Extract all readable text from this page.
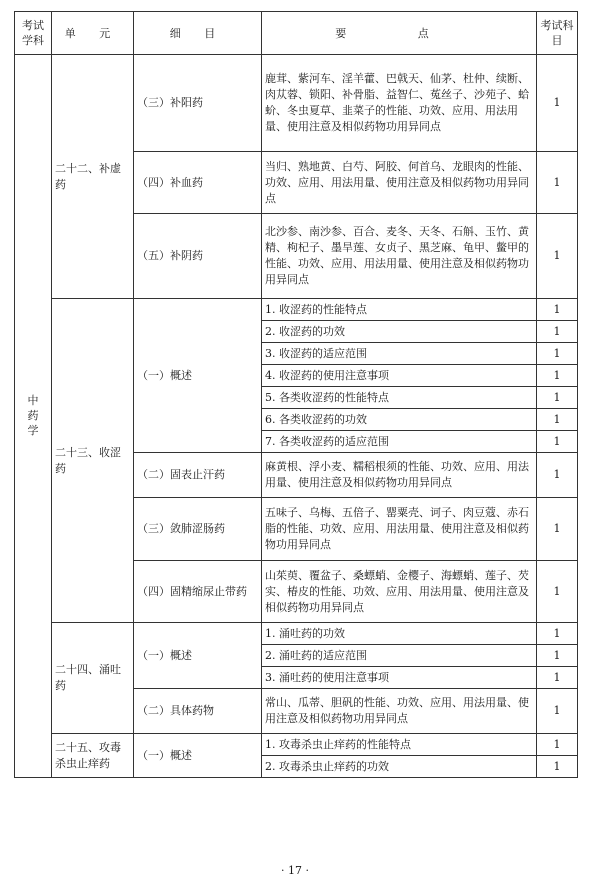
考试学科	单 元	细 目	要 点	考试科目
中药学	二十二、补虚药	（三）补阳药	鹿茸、紫河车、淫羊藿、巴戟天、仙茅、杜仲、续断、肉苁蓉、锁阳、补骨脂、益智仁、菟丝子、沙苑子、蛤蚧、冬虫夏草、韭菜子的性能、功效、应用、用法用量、使用注意及相似药物功用异同点	1
		（四）补血药	当归、熟地黄、白芍、阿胶、何首乌、龙眼肉的性能、功效、应用、用法用量、使用注意及相似药物功用异同点	1
		（五）补阴药	北沙参、南沙参、百合、麦冬、天冬、石斛、玉竹、黄精、枸杞子、墨旱莲、女贞子、黑芝麻、龟甲、鳖甲的性能、功效、应用、用法用量、使用注意及相似药物功用异同点	1
	二十三、收涩药	（一）概述	1. 收涩药的性能特点	1
			2. 收涩药的功效	1
			3. 收涩药的适应范围	1
			4. 收涩药的使用注意事项	1
			5. 各类收涩药的性能特点	1
			6. 各类收涩药的功效	1
			7. 各类收涩药的适应范围	1
		（二）固表止汗药	麻黄根、浮小麦、糯稻根须的性能、功效、应用、用法用量、使用注意及相似药物功用异同点	1
		（三）敛肺涩肠药	五味子、乌梅、五倍子、罂粟壳、诃子、肉豆蔻、赤石脂的性能、功效、应用、用法用量、使用注意及相似药物功用异同点	1
		（四）固精缩尿止带药	山茱萸、覆盆子、桑螵蛸、金樱子、海螵蛸、莲子、芡实、椿皮的性能、功效、应用、用法用量、使用注意及相似药物功用异同点	1
	二十四、涌吐药	（一）概述	1. 涌吐药的功效	1
			2. 涌吐药的适应范围	1
			3. 涌吐药的使用注意事项	1
		（二）具体药物	常山、瓜蒂、胆矾的性能、功效、应用、用法用量、使用注意及相似药物功用异同点	1
	二十五、攻毒杀虫止痒药	（一）概述	1. 攻毒杀虫止痒药的性能特点	1
			2. 攻毒杀虫止痒药的功效	1
· 17 ·
